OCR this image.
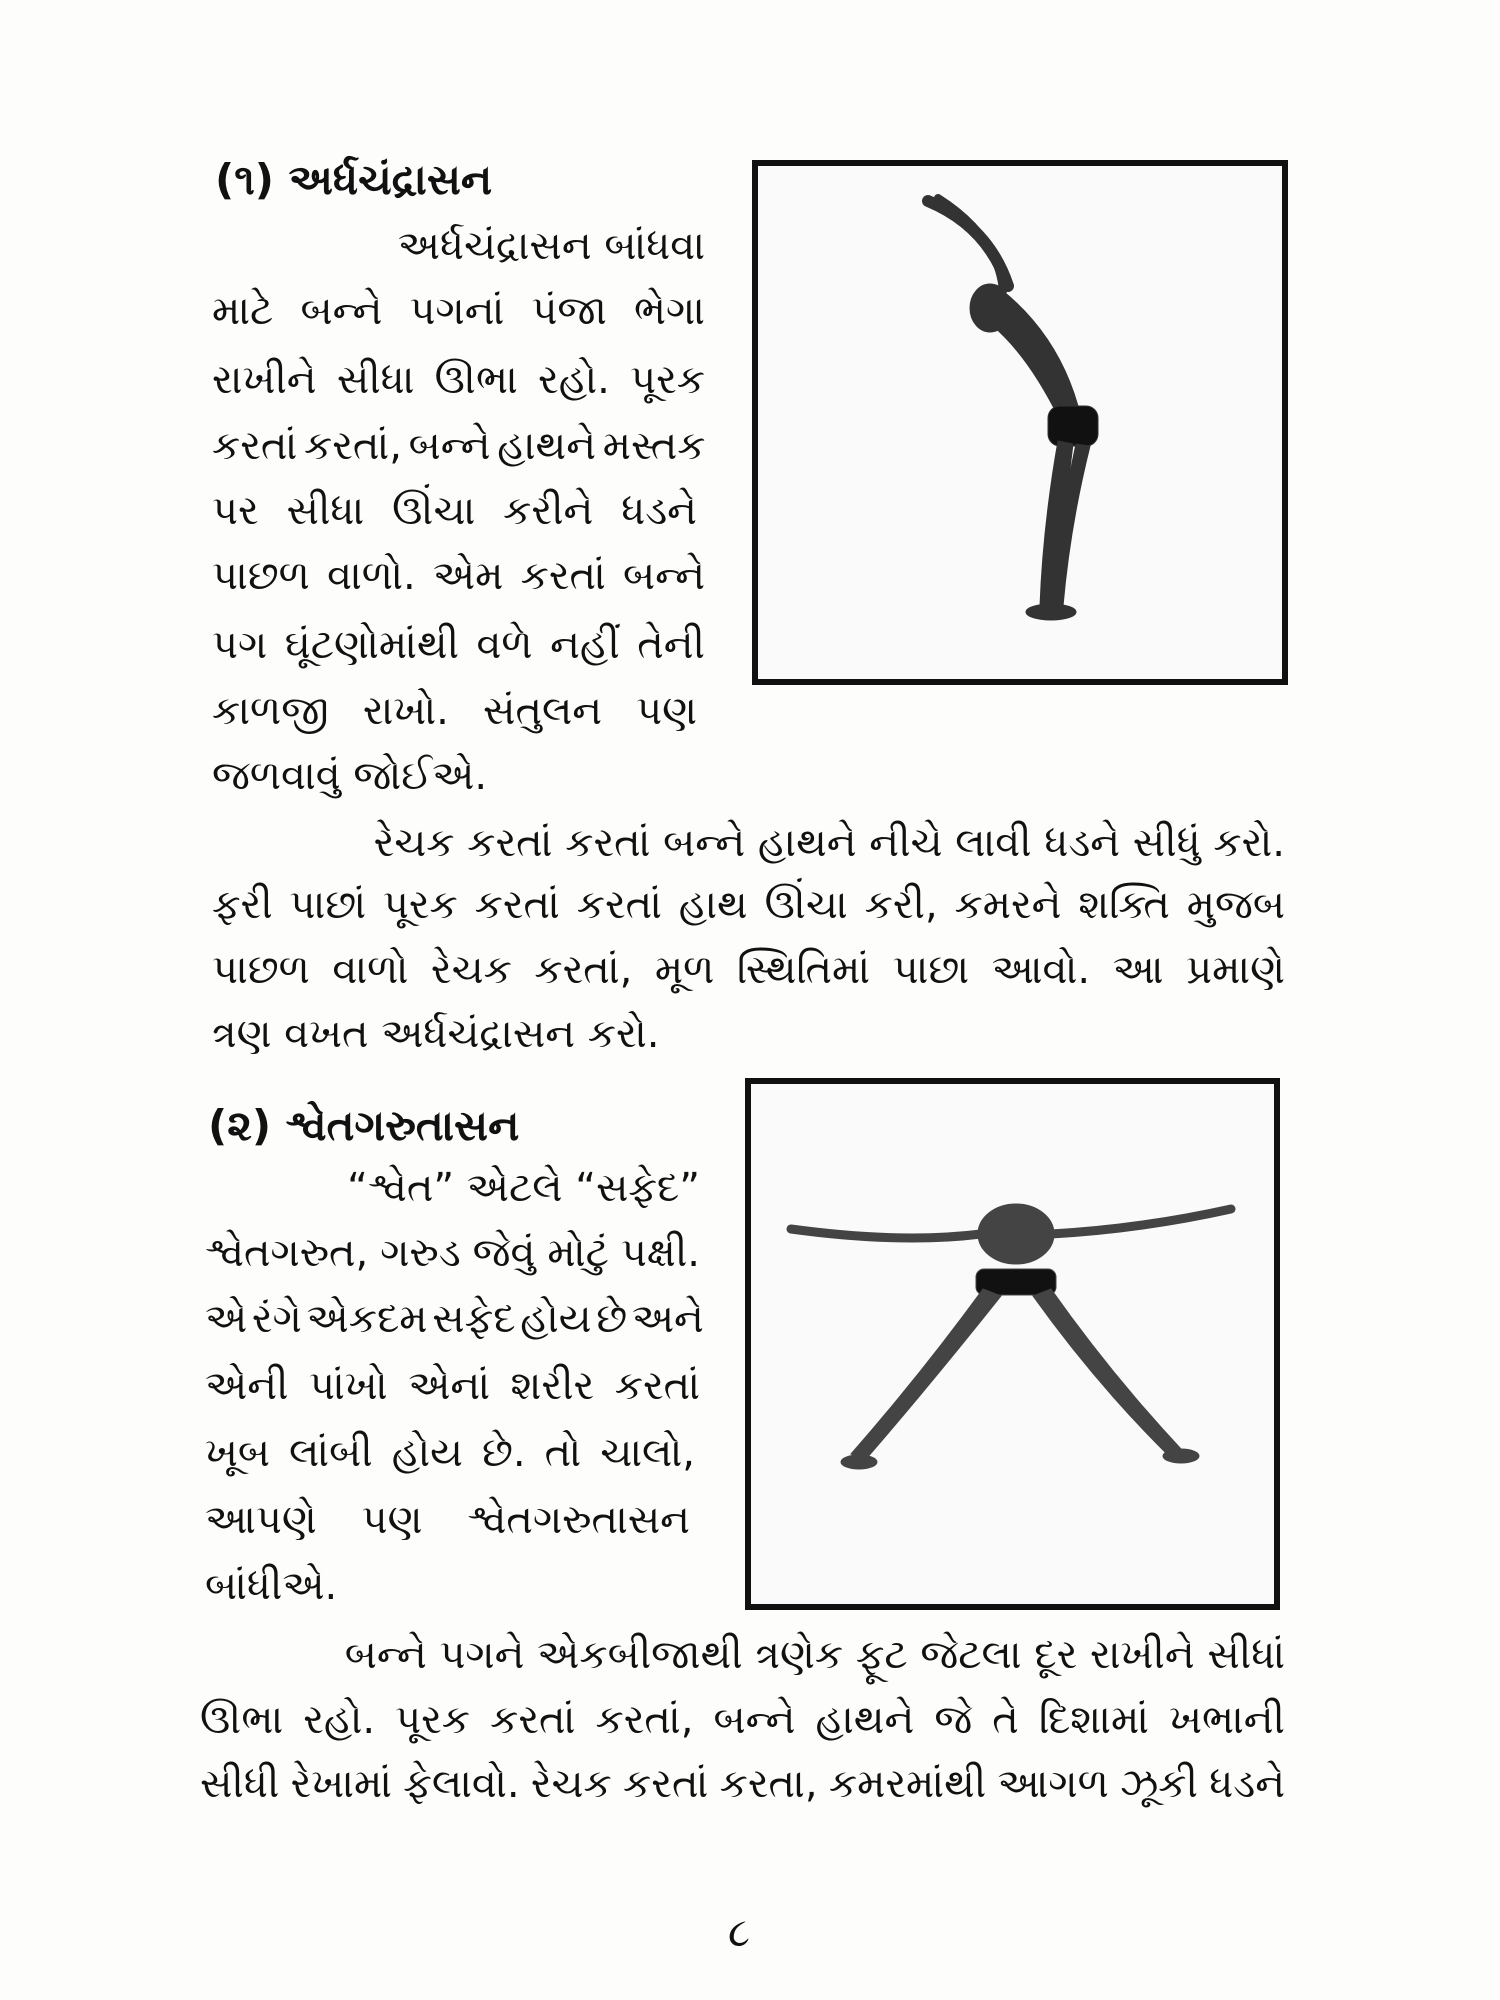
(૧) અર્ધચંદ્રાસન
અર્ધચંદ્રાસન બાંધવા
માટે બન્ને પગનાં પંજા ભેગા
રાખીને સીધા ઊભા રહો. પૂરક
કરતાં કરતાં, બન્ને હાથને મસ્તક
પર સીધા ઊંચા કરીને ધડને
પાછળ વાળો. એમ કરતાં બન્ને
પગ ઘૂંટણોમાંથી વળે નહીં તેની
કાળજી રાખો. સંતુલન પણ
જળવાવું જોઈએ.
રેચક કરતાં કરતાં બન્ને હાથને નીચે લાવી ધડને સીધું કરો.
ફરી પાછાં પૂરક કરતાં કરતાં હાથ ઊંચા કરી, કમરને શક્તિ મુજબ
પાછળ વાળો રેચક કરતાં, મૂળ સ્થિતિમાં પાછા આવો. આ પ્રમાણે
ત્રણ વખત અર્ધચંદ્રાસન કરો.
(૨) શ્વેતગરુતાસન
“શ્વેત” એટલે “સફેદ”
શ્વેતગરુત, ગરુડ જેવું મોટું પક્ષી.
એ રંગે એકદમ સફેદ હોય છે અને
એની પાંખો એનાં શરીર કરતાં
ખૂબ લાંબી હોય છે. તો ચાલો,
આપણે પણ શ્વેતગરુતાસન
બાંધીએ.
બન્ને પગને એકબીજાથી ત્રણેક ફૂટ જેટલા દૂર રાખીને સીધાં
ઊભા રહો. પૂરક કરતાં કરતાં, બન્ને હાથને જે તે દિશામાં ખભાની
સીધી રેખામાં ફેલાવો. રેચક કરતાં કરતા, કમરમાંથી આગળ ઝૂકી ધડને
૮
